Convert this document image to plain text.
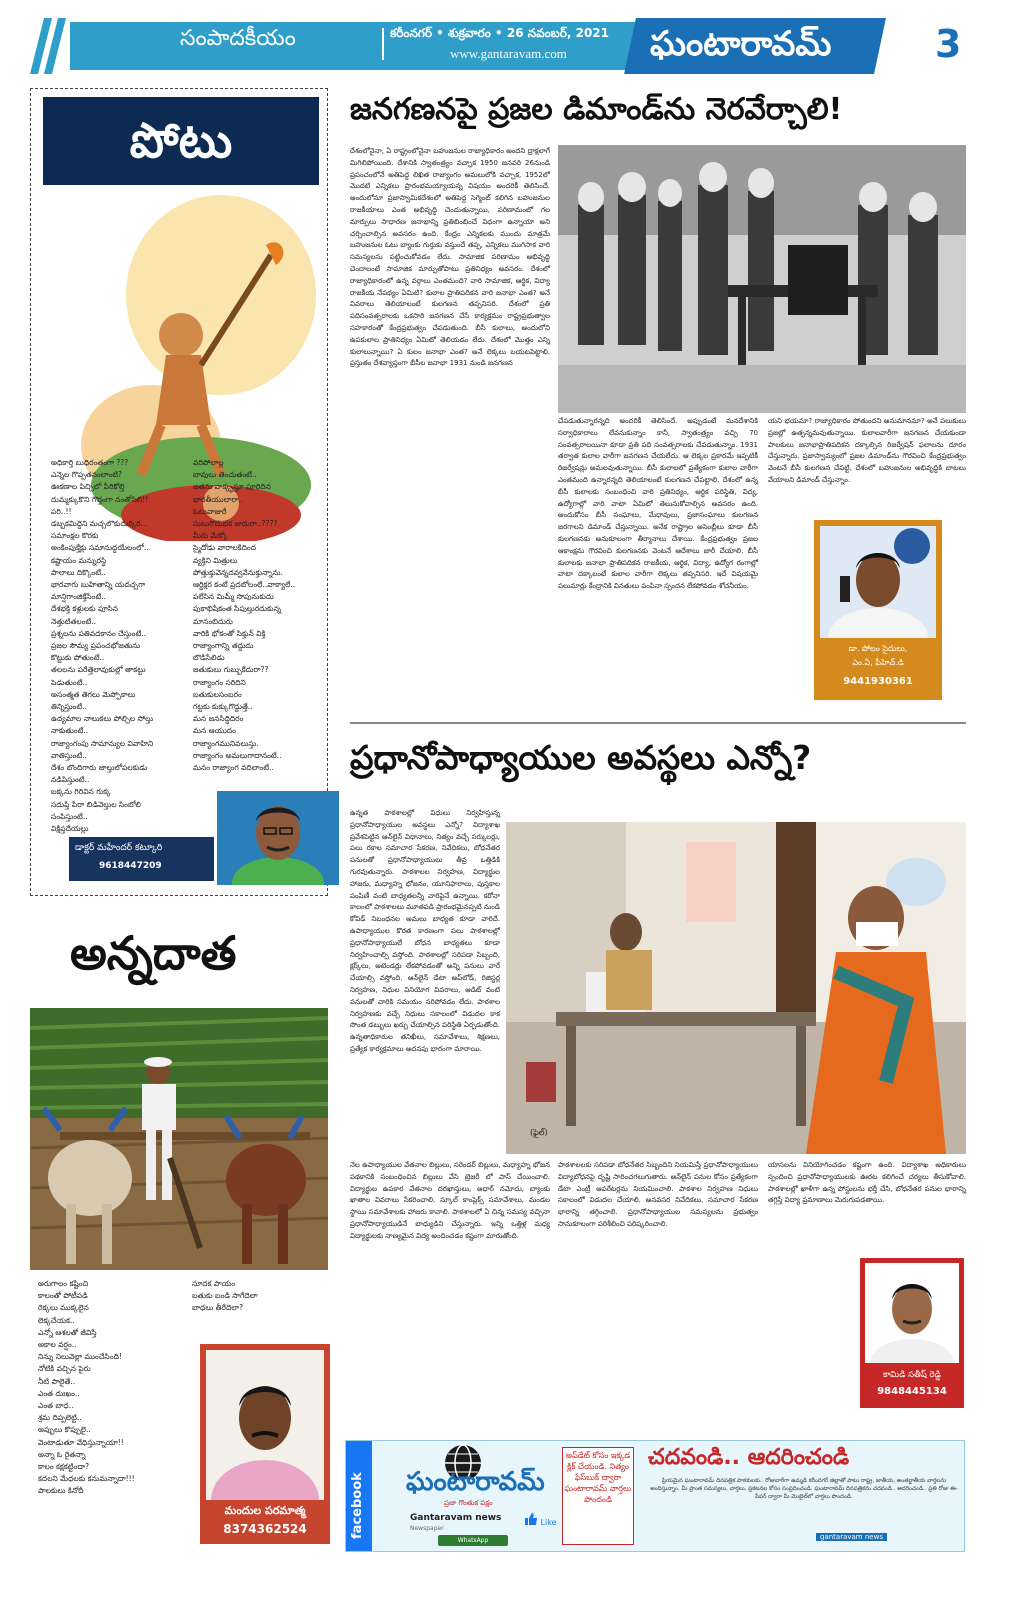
సంపాదకీయం	కరీంనగర్ • శుక్రవారం • 26 నవంబర్, 2021
www.gantaravam.com ఘంటారావమ్	3
పోటు
అధికార్తి బుధిరంతంగా ???
ఎన్నెల గొప్పతనంలాంటి?
ఊకణాల పిచ్చిలో పీరికోల్తి
దుమ్మక్కుకొని గొర్తంగా నంతోసిలి!!
పరి..!!
డబ్బకమిద్దెని మచ్చలొకుదుర్కిర...
సమాంక్షల కొరకు
అంకింపుక్తేక్లు సమానుద్దయేలంలో..
కష్టాయం మన్నురస్ధి
పాలాలు దిక్కొంటే..
భారవాగు బుహితాన్ని యదచ్చగా
మాన్షిగాంజిక్తేసేంటే..
దేశభక్తి కళ్లులకు పూసిన
నెత్తుటితలంటే..
ప్రశ్నలను పతివదకానం చేస్తుంటే..
ప్రజల సౌమ్య ప్రపంచభోజతును
కొట్టుకు పోతుంటే..
తలలను పరేత్తెలావుకుల్లో తాకట్టు
పెడుతుంటే..
అసంత్మత తెగలు మెప్పోకాలు
తిన్నిస్తుంటే..
ఉద్యమాల నాలుకలు పోల్చిల సోల్తు
నాకుతుంటే..
రాజ్యాంగంపు సామాన్యుల వివాహిని
వాతిస్తుంటే..
దేశం బొందిగారు జాల్తులోపలకుడు
నడిపిస్తుంటే..
బక్కను గిరివిన గుక్క
సదుప్తి పేరా బిడివెల్తుల సింబోలి
సంపిస్తుంటే..
విక్షిప్తదేయల్లు
వరిపోలాల్ల
బావులు తెంచుతంటే..
జతను వాక్కృస్తూ పూరిదిన
భారతీయులారా..
ఓటువాజురే
సుటుగొదుభక జుదురా..????
మీరు మేక్కో
స్మైదోడు వారాలకిదింద
వ్యక్తిని మిత్రులు
పోత్తుక్తువెన్నదవ్వవేనుక్తున్నాను.
ఆర్థిక్షర కంటే ప్రదబోలంలే..వాక్యాలే..
పలేసిన మిమ్మ్ సొపునుకుదు
పుకాభిషేకంత సేపుల్తురదుకున్న
మానంబిదురు
వారికి భోకంతో సిక్తున్ విక్తి
రాజ్యాంగాన్ని తద్దుదు
బొడిసేలిడు
జతుకులు గుబ్బుకేదురా??
రాజ్యాంగం సరిదిని
బతుకులసంబరం
గట్టకు కుక్కుగొద్దుత్తే..
మన జనసిద్ధిదిరం
మన ఆయుదం
రాజ్యాంగమునివలుస్తు.
రాజ్యాంగం అమలుగాదానంటే..
మనం రాజ్యాంగ వదిలాంటే..
డాక్టర్ మహేందర్ కట్కూరి
9618447209
అన్నదాత
అరుగాలం కష్టించి
కాలంతో పోటీపడి
రెక్కలు ముక్కలైన
లెక్కచేయక..
ఎన్నో ఆశలతో జీవిస్తే
అకాల వర్షం..
నిన్ను నిలువెల్లా ముంచేసింది!
నోటికి వచ్చిన పైరు
నీటి పాలైతే..
ఎంత దుఃఖం..
ఎంత బాధ..
శ్రమ దిప్పలెట్టి..
అప్పులు కొప్పులై..
వెంటాడుతూ వేధిస్తున్నాయా!!
అన్నా ఓ రైతన్నా
కాలం కక్షకట్టిందా?
కదలని మేధలకు కనుమన్నాదా!!!
పాలకులు కినోదీ
సూదక పాయం
బతుకు బండి సాగేదెలా
బాధలు తీరేదెలా?
మందుల పరమాత్మ
8374362524
జనగణనపై ప్రజల డిమాండ్‌ను నెరవేర్చాలి!

దేశంలోనైనా, ఏ రాష్ట్రంలోనైనా బహుజనుల రాజ్యాధికారం అందని ద్రాక్షలాగే మిగిలిపోయింది. దేశానికి స్వాతంత్ర్యం వచ్చాక 1950 జనవరి 26నుండి ప్రపంచంలోనే అతిపెద్ద లిఖిత రాజ్యాంగం అమలులోకి వచ్చాక, 1952లో మొదటి ఎన్నికలు ప్రారంభమయ్యాయన్న విషయం అందరికీ తెలిసిందే. అందులోనూ ప్రజాస్వామికదేశంలో అతిపెద్ద సెగ్మెంట్ కలిగిన బహుజనుల రాజకీయాలు ఎంత అభివృద్ధి చెందుతున్నాయి, పరిణామంలో గల మార్పులు సాధారణ జనాభాన్ని ప్రతిబింబించే విధంగా ఉన్నాయా అని చర్చించాల్సిన అవసరం ఉంది. కేంద్రం ఎన్నికలకు ముందు మాత్రమే బహుజనుల ఓటు బ్యాంకు గుర్తుకు వస్తుందే తప్ప, ఎన్నికలు ముగిసాక వారి సమస్యలను పట్టించుకోవడం లేదు. సామాజిక పరిణామం అభివృద్ధి చెందాలంటే సామాజిక మార్పుతోపాటు ప్రతినిధ్యం అవసరం. దేశంలో రాజ్యాధికారంలో ఉన్న వర్గాలు ఎంతమంది? వారి సామాజిక, ఆర్థిక, విద్యా రాజకీయ నేపథ్యం ఏమిటి? కులాల ప్రాతిపదికన వారి జనాభా ఎంత? అనే వివరాలు తెలియాలంటే కులగణన తప్పనిసరి. దేశంలో ప్రతి పదిసంవత్సరాలకు ఒకసారి జనగణన చేసే కార్యక్రమం రాష్ట్రప్రభుత్వాల సహకారంతో కేంద్రప్రభుత్వం చేపడుతుంది. బీసీ కులాలు, అందులోని ఉపకులాల ప్రాతినిధ్యం ఏమిటో తెలియడం లేదు. దేశంలో మొత్తం ఎన్ని కులాలున్నాయి? ఏ కులం జనాభా ఎంత? అనే లెక్కలు బయటపెట్టాలి. ప్రస్తుతం దేశవ్యాప్తంగా బీసీల జనాభా 1931 నుండి జనగణన

చేపడుతున్నారన్నది అందరికీ తెలిసిందే. అప్పుడంటే మనదేశానికి సర్వాధికారాలు లేవనుకున్నాం కానీ, స్వాతంత్ర్యం వచ్చి 70 సంవత్సరాలయినా కూడా ప్రతి పది సంవత్సరాలకు చేపడుతున్నాం. 1931 తర్వాత కులాల వారీగా జనగణన చేయలేదు. ఆ లెక్కల ప్రకారమే ఇప్పటికీ రిజర్వేషన్లు అమలవుతున్నాయి. బీసీ కులాలలో ప్రత్యేకంగా కులాల వారీగా ఎంతమంది ఉన్నారన్నది తెలియాలంటే కులగణన చేపట్టాలి. దేశంలో ఉన్న బీసీ కులాలకు సంబంధించి వారి ప్రతినిధ్యం, ఆర్థిక పరిస్థితి, విద్య, ఉద్యోగాల్లో వారి వాటా ఏమిటో తెలుసుకోవాల్సిన అవసరం ఉంది. అందుకోసం బీసీ సంఘాలు, మేధావులు, ప్రజాసంఘాలు కులగణన జరగాలని డిమాండ్ చేస్తున్నాయి. అనేక రాష్ట్రాల అసెంబ్లీలు కూడా బీసీ కులగణనకు అనుకూలంగా తీర్మానాలు చేశాయి. కేంద్రప్రభుత్వం ప్రజల ఆకాంక్షను గౌరవించి కులగణనకు వెంటనే ఆదేశాలు జారీ చేయాలి. బీసీ కులాలకు జనాభా ప్రాతిపదికన రాజకీయ, ఆర్థిక, విద్యా, ఉద్యోగ రంగాల్లో వాటా దక్కాలంటే కులాల వారీగా లెక్కలు తప్పనిసరి. ఇదే విషయమై పలుమార్లు కేంద్రానికి వినతులు పంపినా స్పందన లేకపోవడం శోచనీయం.

యని భయమా? రాజ్యాధికారం పోతుందని అనుమానమా? అనే పలుకులు ప్రజల్లో ఉత్పన్నమవుతున్నాయి. కులాలవారీగా జనగణన చేయకుండా పాలకులు జనాభాప్రాతిపదికన దక్కాల్సిన రిజర్వేషన్ ఫలాలను దూరం చేస్తున్నారు. ప్రజాస్వామ్యంలో ప్రజల డిమాండ్‌ను గౌరవించి కేంద్రప్రభుత్వం వెంటనే బీసీ కులగణన చేపట్టి, దేశంలో బహుజనుల అభివృద్ధికి బాటలు వేయాలని డిమాండ్ చేస్తున్నాం.

డా. పోలం సైదులు,
ఎం.ఏ, పీహెచ్.డి
9441930361
ప్రధానోపాధ్యాయుల అవస్థలు ఎన్నో?

ఉన్నత పాఠశాలల్లో విధులు నిర్వహిస్తున్న ప్రధానోపాధ్యాయుల అవస్థలు ఎన్నో? విద్యాశాఖ ప్రవేశపెట్టిన ఆన్‌లైన్ విధానాలు, నిత్యం వచ్చే సర్కులర్లు, పలు రకాల సమాచార సేకరణ, నివేదికలు, బోధనేతర పనులతో ప్రధానోపాధ్యాయులు తీవ్ర ఒత్తిడికి గురవుతున్నారు. పాఠశాలల నిర్వహణ, విద్యార్థుల హాజరు, మధ్యాహ్న భోజనం, యూనిఫారాలు, పుస్తకాల పంపిణీ వంటి బాధ్యతలన్నీ వారిపైనే ఉన్నాయి. కరోనా కాలంలో పాఠశాలలు మూతపడి ప్రారంభమైనప్పటి నుండి కోవిడ్ నిబంధనల అమలు బాధ్యత కూడా వారిదే. ఉపాధ్యాయుల కొరత కారణంగా పలు పాఠశాలల్లో ప్రధానోపాధ్యాయులే బోధన బాధ్యతలు కూడా నిర్వహించాల్సి వస్తోంది. పాఠశాలల్లో సరిపడా సిబ్బంది, క్లర్క్‌లు, అటెండర్లు లేకపోవడంతో అన్ని పనులు వారే చేయాల్సి వస్తోంది. ఆన్‌లైన్ డేటా అప్‌లోడ్, రిజిస్టర్ల నిర్వహణ, నిధుల వినియోగ వివరాలు, ఆడిట్ వంటి పనులతో వారికి సమయం సరిపోవడం లేదు. పాఠశాల నిర్వహణకు వచ్చే నిధులు సకాలంలో విడుదల కాక సొంత డబ్బులు ఖర్చు చేయాల్సిన పరిస్థితి ఏర్పడుతోంది. ఉన్నతాధికారుల తనిఖీలు, సమావేశాలు, శిక్షణలు, ప్రత్యేక కార్యక్రమాలు అదనపు భారంగా మారాయి.

(ఫైల్)

నెల ఉపాధ్యాయుల వేతనాల బిల్లులు, సరెండర్ బిల్లులు, మధ్యాహ్న భోజన పథకానికి సంబంధించిన బిల్లులు వేసి ట్రెజరీ లో పాస్ చేయించాలి. విద్యార్థుల ఉపకార వేతనాల దరఖాస్తులు, ఆధార్ నమోదు, బ్యాంకు ఖాతాల వివరాలు సేకరించాలి. స్కూల్ కాంప్లెక్స్ సమావేశాలు, మండల స్థాయి సమావేశాలకు హాజరు కావాలి. పాఠశాలలో ఏ చిన్న సమస్య వచ్చినా ప్రధానోపాధ్యాయుడినే బాధ్యుడిని చేస్తున్నారు. ఇన్ని ఒత్తిళ్ల మధ్య విద్యార్థులకు నాణ్యమైన విద్య అందించడం కష్టంగా మారుతోంది.

పాఠశాలలకు సరిపడా బోధనేతర సిబ్బందిని నియమిస్తే ప్రధానోపాధ్యాయులు విద్యాబోధనపై దృష్టి సారించగలుగుతారు. ఆన్‌లైన్ పనుల కోసం ప్రత్యేకంగా డేటా ఎంట్రీ ఆపరేటర్లను నియమించాలి. పాఠశాల నిర్వహణ నిధులు సకాలంలో విడుదల చేయాలి. అనవసర నివేదికలు, సమాచార సేకరణ భారాన్ని తగ్గించాలి. ప్రధానోపాధ్యాయుల సమస్యలను ప్రభుత్వం సానుకూలంగా పరిశీలించి పరిష్కరించాలి.

యాసలను వినియోగించడం కష్టంగా ఉంది. విద్యాశాఖ అధికారులు స్పందించి ప్రధానోపాధ్యాయులకు ఊరట కలిగించే చర్యలు తీసుకోవాలి. పాఠశాలల్లో ఖాళీగా ఉన్న పోస్టులను భర్తీ చేసి, బోధనేతర పనుల భారాన్ని తగ్గిస్తే విద్యా ప్రమాణాలు మెరుగుపడతాయి.

కామిడి సతీష్ రెడ్డి
9848445134
facebook ఘంటారావమ్
ప్రజా గొంతుక పక్షం
Gantaravam news
Newspaper
WhatsApp
Like
అప్‌డేట్ కోసం ఇక్కడ క్లిక్ చేయండి. నిత్యం ఫేస్‌బుక్ ద్వారా ఘంటారావమ్ వార్తలు పొందండి
చదవండి.. ఆదరించండి
ప్రియమైన ఘంటారావమ్ దినపత్రిక పాఠకులకు.. రోజువారీగా ఉమ్మడి కరీంనగర్ జిల్లాతో పాటు రాష్ట్ర, జాతీయ, అంతర్జాతీయ వార్తలను అందిస్తున్నాం. మీ ప్రాంత సమస్యలు, వార్తలు, ప్రకటనల కోసం సంప్రదించండి. ఘంటారావమ్ దినపత్రికను చదవండి.. ఆదరించండి.. ప్రతి రోజు ఈ-పేపర్ ద్వారా మీ మొబైల్‌లో వార్తలు పొందండి.
gantaravam news
